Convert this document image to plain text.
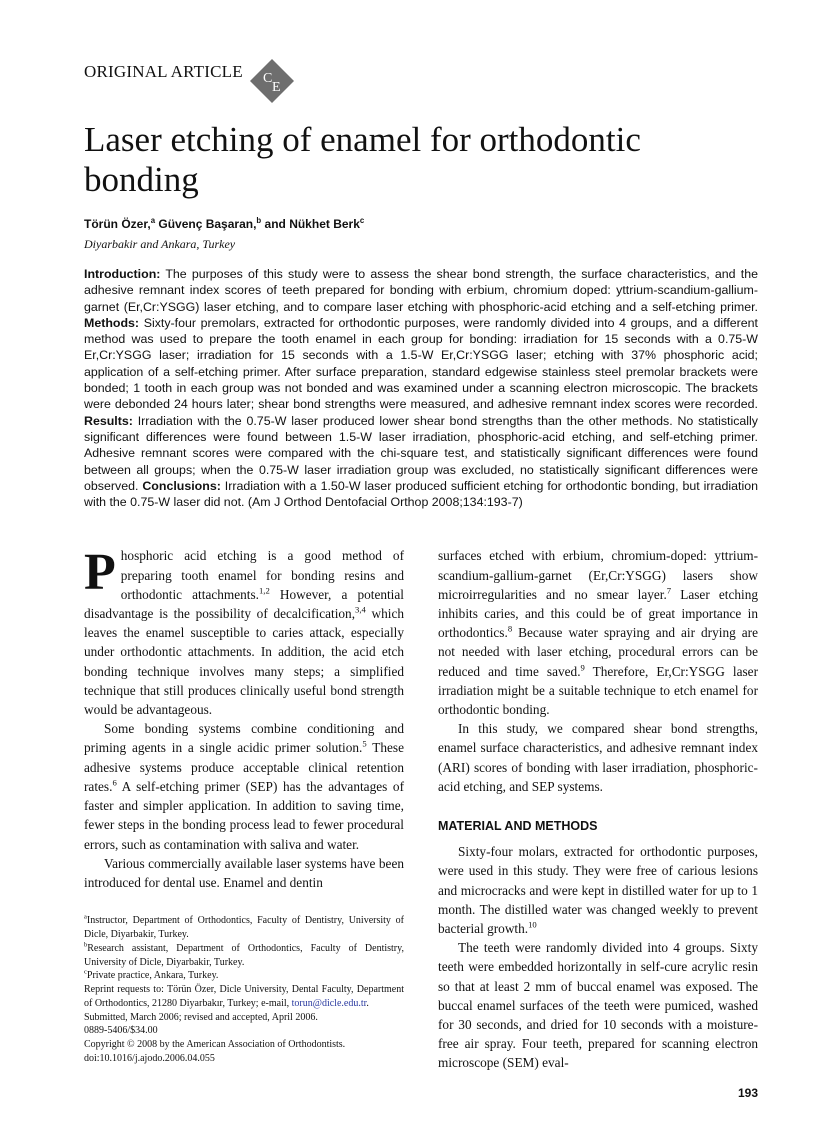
ORIGINAL ARTICLE C
E
Laser etching of enamel for orthodontic bonding
Törün Özer,$^a$ Güvenç Başaran,$^b$ and Nükhet Berk$^c$
Diyarbakir and Ankara, Turkey

Introduction: The purposes of this study were to assess the shear bond strength, the surface characteristics, and the adhesive remnant index scores of teeth prepared for bonding with erbium, chromium doped: yttrium-scandium-gallium-garnet (Er,Cr:YSGG) laser etching, and to compare laser etching with phosphoric-acid etching and a self-etching primer. Methods: Sixty-four premolars, extracted for orthodontic purposes, were randomly divided into 4 groups, and a different method was used to prepare the tooth enamel in each group for bonding: irradiation for 15 seconds with a 0.75-W Er,Cr:YSGG laser; irradiation for 15 seconds with a 1.5-W Er,Cr:YSGG laser; etching with 37% phosphoric acid; application of a self-etching primer. After surface preparation, standard edgewise stainless steel premolar brackets were bonded; 1 tooth in each group was not bonded and was examined under a scanning electron microscopic. The brackets were debonded 24 hours later; shear bond strengths were measured, and adhesive remnant index scores were recorded. Results: Irradiation with the 0.75-W laser produced lower shear bond strengths than the other methods. No statistically significant differences were found between 1.5-W laser irradiation, phosphoric-acid etching, and self-etching primer. Adhesive remnant scores were compared with the chi-square test, and statistically significant differences were found between all groups; when the 0.75-W laser irradiation group was excluded, no statistically significant differences were observed. Conclusions: Irradiation with a 1.50-W laser produced sufficient etching for orthodontic bonding, but irradiation with the 0.75-W laser did not. (Am J Orthod Dentofacial Orthop 2008;134:193-7)

Phosphoric acid etching is a good method of preparing tooth enamel for bonding resins and orthodontic attachments.$^{1,2}$ However, a potential disadvantage is the possibility of decalcification,$^{3,4}$ which leaves the enamel susceptible to caries attack, especially under orthodontic attachments. In addition, the acid etch bonding technique involves many steps; a simplified technique that still produces clinically useful bond strength would be advantageous.

Some bonding systems combine conditioning and priming agents in a single acidic primer solution.$^5$ These adhesive systems produce acceptable clinical retention rates.$^6$ A self-etching primer (SEP) has the advantages of faster and simpler application. In addition to saving time, fewer steps in the bonding process lead to fewer procedural errors, such as contamination with saliva and water.

Various commercially available laser systems have been introduced for dental use. Enamel and dentin

$^a$Instructor, Department of Orthodontics, Faculty of Dentistry, University of Dicle, Diyarbakir, Turkey.
$^b$Research assistant, Department of Orthodontics, Faculty of Dentistry, University of Dicle, Diyarbakir, Turkey.
$^c$Private practice, Ankara, Turkey.
Reprint requests to: Törün Özer, Dicle University, Dental Faculty, Department of Orthodontics, 21280 Diyarbakır, Turkey; e-mail, torun@dicle.edu.tr.
Submitted, March 2006; revised and accepted, April 2006.
0889-5406/$34.00
Copyright © 2008 by the American Association of Orthodontists.
doi:10.1016/j.ajodo.2006.04.055

surfaces etched with erbium, chromium-doped: yttrium-scandium-gallium-garnet (Er,Cr:YSGG) lasers show microirregularities and no smear layer.$^7$ Laser etching inhibits caries, and this could be of great importance in orthodontics.$^8$ Because water spraying and air drying are not needed with laser etching, procedural errors can be reduced and time saved.$^9$ Therefore, Er,Cr:YSGG laser irradiation might be a suitable technique to etch enamel for orthodontic bonding.

In this study, we compared shear bond strengths, enamel surface characteristics, and adhesive remnant index (ARI) scores of bonding with laser irradiation, phosphoric-acid etching, and SEP systems.

MATERIAL AND METHODS

Sixty-four molars, extracted for orthodontic purposes, were used in this study. They were free of carious lesions and microcracks and were kept in distilled water for up to 1 month. The distilled water was changed weekly to prevent bacterial growth.$^{10}$

The teeth were randomly divided into 4 groups. Sixty teeth were embedded horizontally in self-cure acrylic resin so that at least 2 mm of buccal enamel was exposed. The buccal enamel surfaces of the teeth were pumiced, washed for 30 seconds, and dried for 10 seconds with a moisture-free air spray. Four teeth, prepared for scanning electron microscope (SEM) eval-

193
